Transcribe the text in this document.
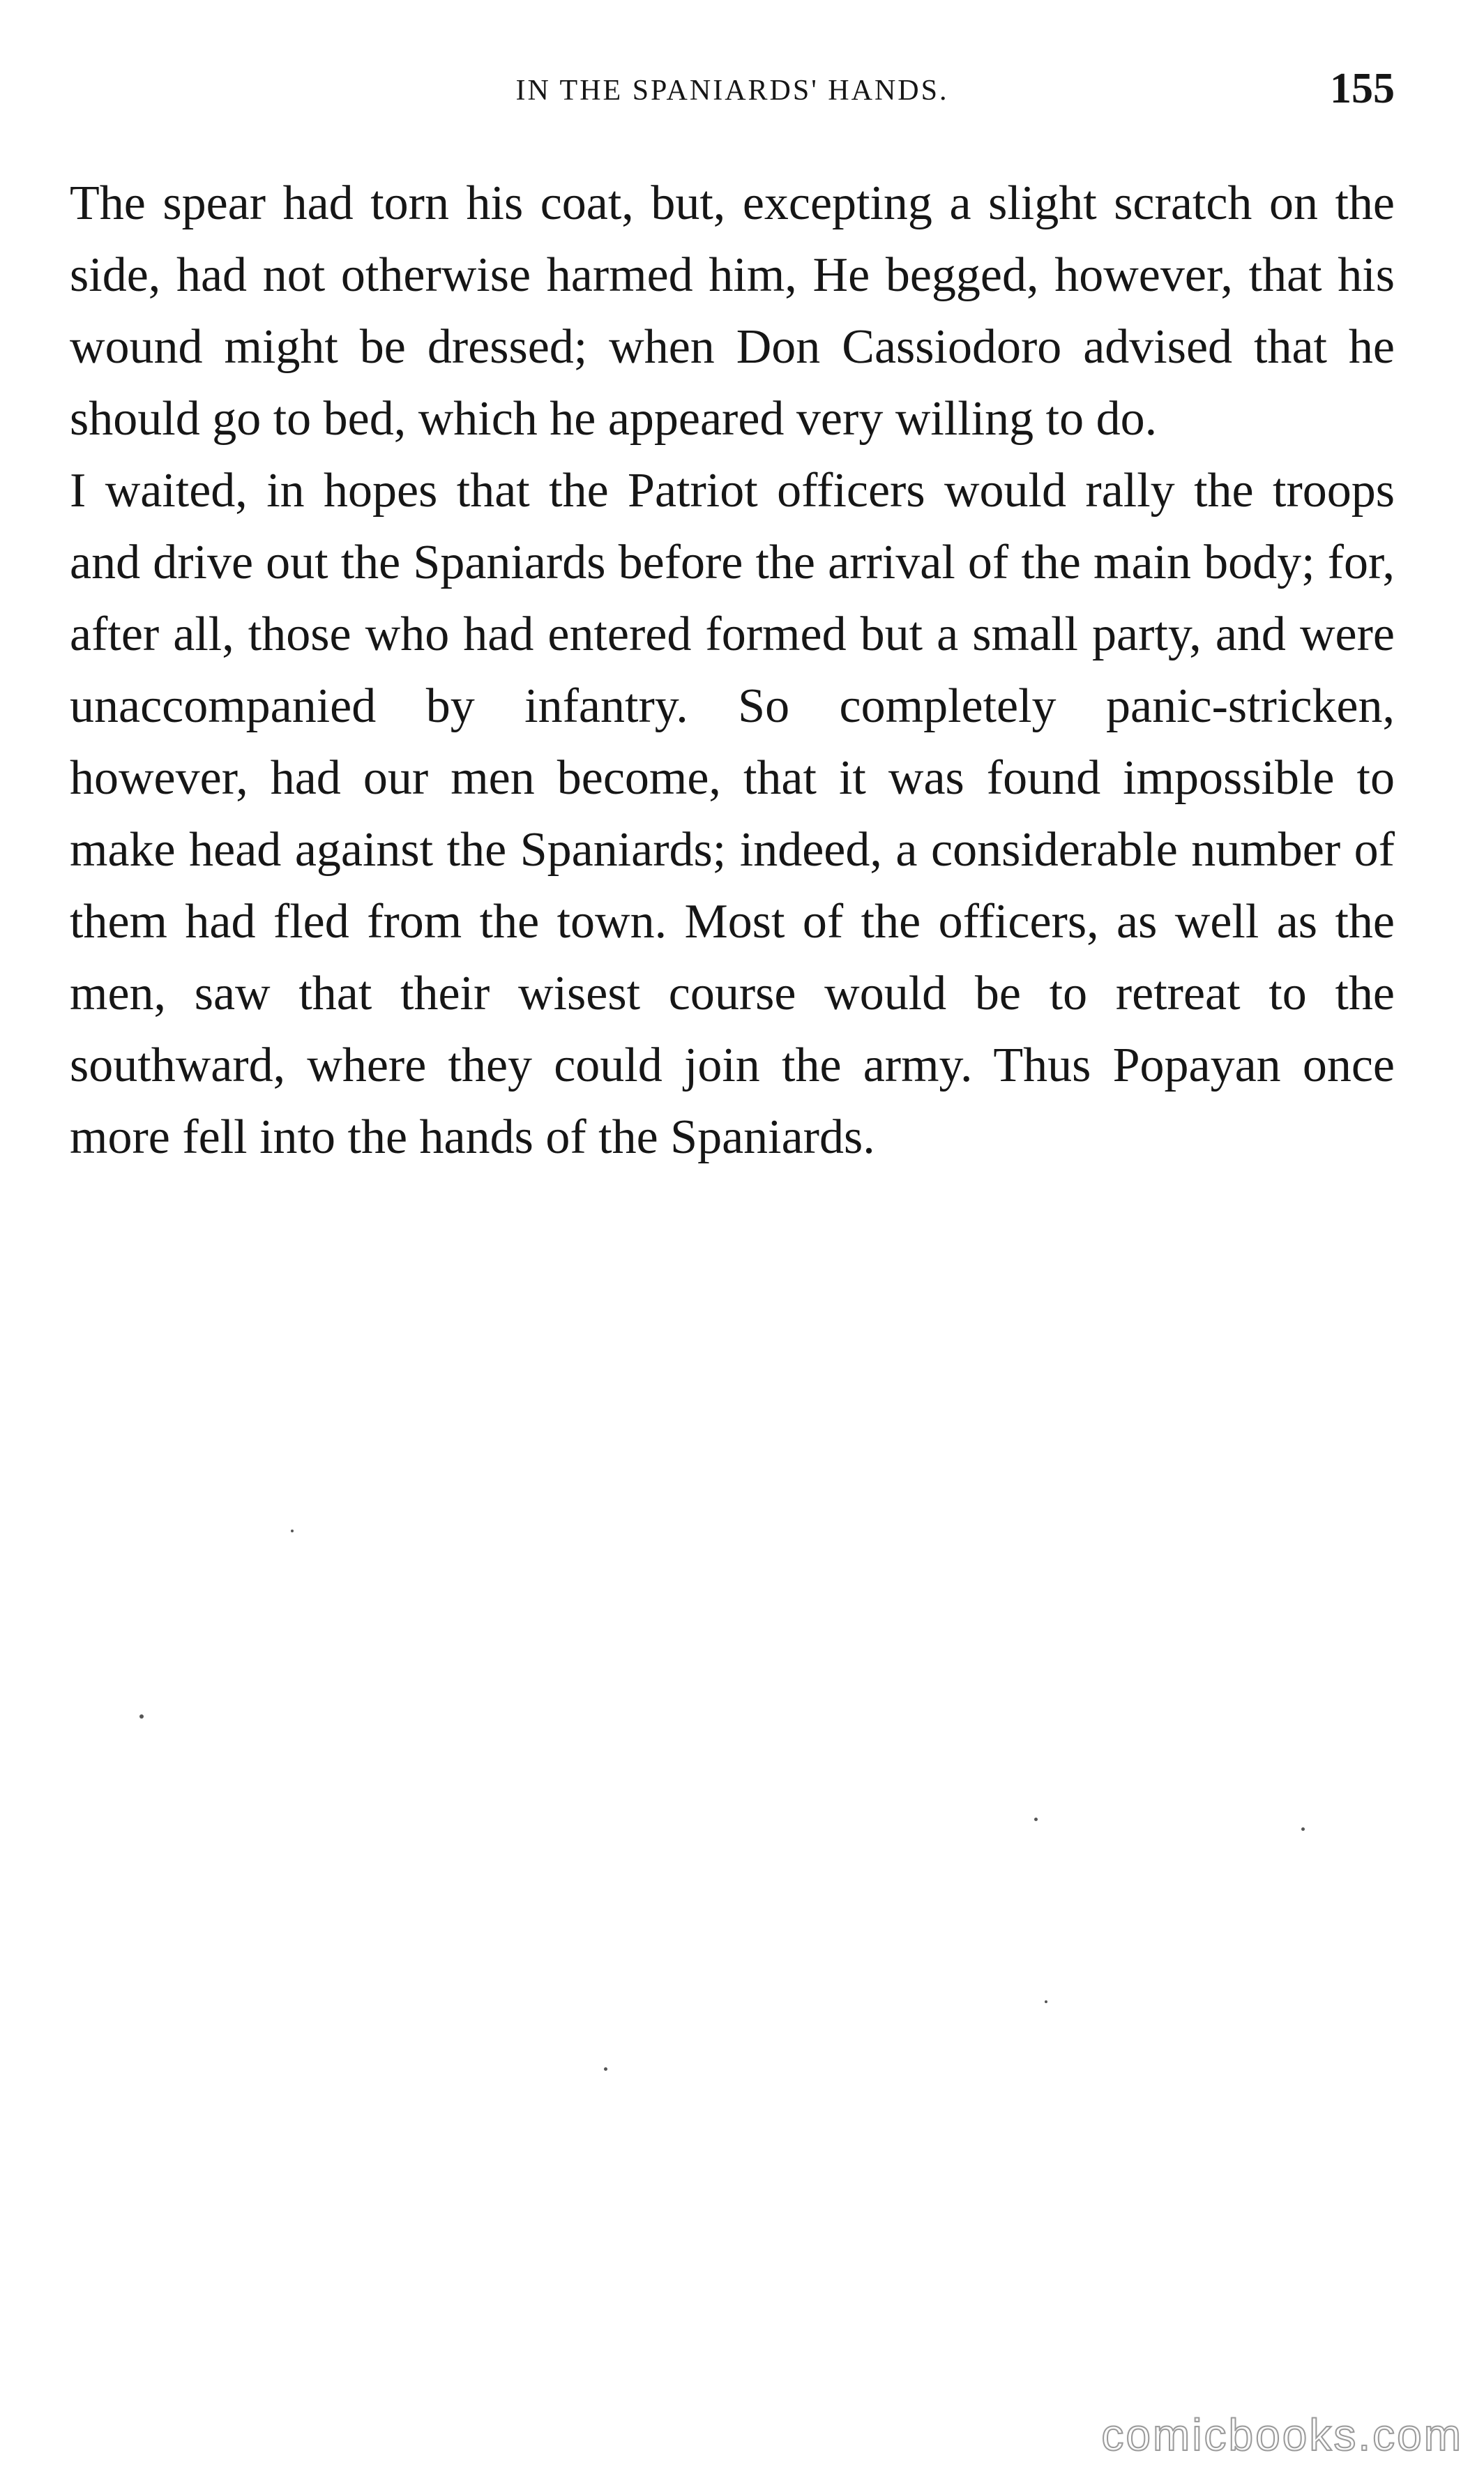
IN THE SPANIARDS' HANDS.	155

The spear had torn his coat, but, excepting a slight scratch on the side, had not otherwise harmed him, He begged, however, that his wound might be dressed; when Don Cassiodoro advised that he should go to bed, which he appeared very willing to do.

I waited, in hopes that the Patriot officers would rally the troops and drive out the Spaniards before the arrival of the main body; for, after all, those who had entered formed but a small party, and were unaccompanied by infantry. So completely panic-stricken, however, had our men become, that it was found impossible to make head against the Spaniards; indeed, a considerable number of them had fled from the town. Most of the officers, as well as the men, saw that their wisest course would be to retreat to the southward, where they could join the army. Thus Popayan once more fell into the hands of the Spaniards.

comicbooks.com
